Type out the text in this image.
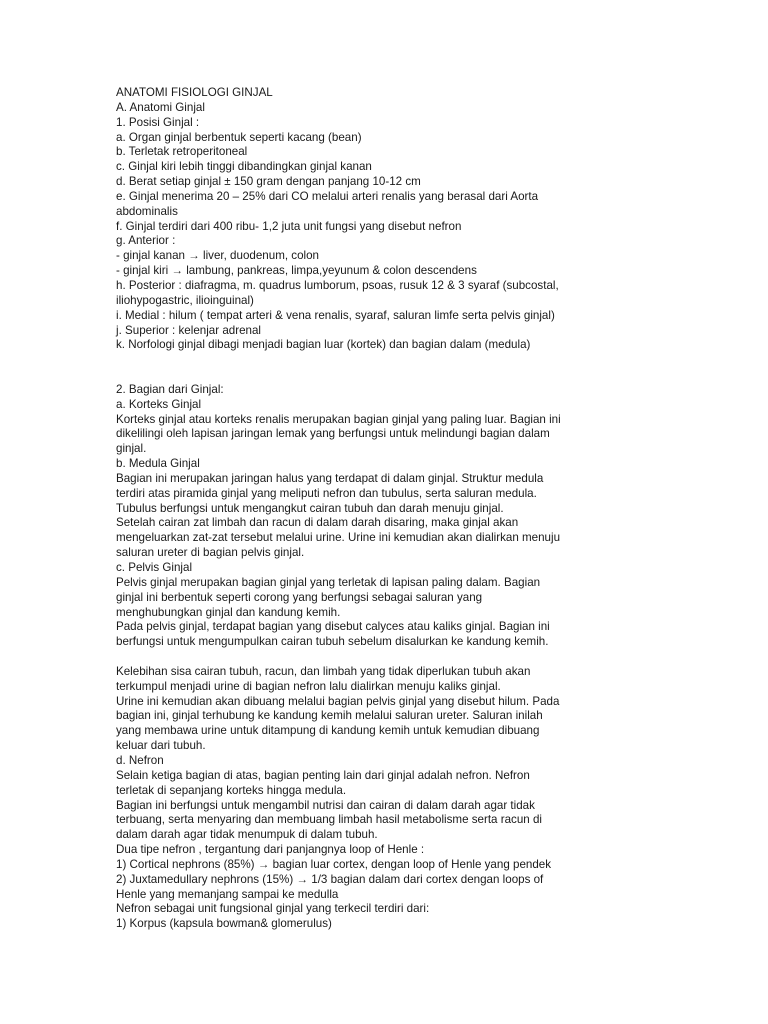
ANATOMI FISIOLOGI GINJAL
A. Anatomi Ginjal
1. Posisi Ginjal :
a. Organ ginjal berbentuk seperti kacang (bean)
b. Terletak retroperitoneal
c. Ginjal kiri lebih tinggi dibandingkan ginjal kanan
d. Berat setiap ginjal ± 150 gram dengan panjang 10-12 cm
e. Ginjal menerima 20 – 25% dari CO melalui arteri renalis yang berasal dari Aorta
abdominalis
f. Ginjal terdiri dari 400 ribu- 1,2 juta unit fungsi yang disebut nefron
g. Anterior :
- ginjal kanan → liver, duodenum, colon
- ginjal kiri → lambung, pankreas, limpa,yeyunum & colon descendens
h. Posterior : diafragma, m. quadrus lumborum, psoas, rusuk 12 & 3 syaraf (subcostal,
iliohypogastric, ilioinguinal)
i. Medial : hilum ( tempat arteri & vena renalis, syaraf, saluran limfe serta pelvis ginjal)
j. Superior : kelenjar adrenal
k. Norfologi ginjal dibagi menjadi bagian luar (kortek) dan bagian dalam (medula)
2. Bagian dari Ginjal:
a. Korteks Ginjal
Korteks ginjal atau korteks renalis merupakan bagian ginjal yang paling luar. Bagian ini
dikelilingi oleh lapisan jaringan lemak yang berfungsi untuk melindungi bagian dalam
ginjal.
b. Medula Ginjal
Bagian ini merupakan jaringan halus yang terdapat di dalam ginjal. Struktur medula
terdiri atas piramida ginjal yang meliputi nefron dan tubulus, serta saluran medula.
Tubulus berfungsi untuk mengangkut cairan tubuh dan darah menuju ginjal.
Setelah cairan zat limbah dan racun di dalam darah disaring, maka ginjal akan
mengeluarkan zat-zat tersebut melalui urine. Urine ini kemudian akan dialirkan menuju
saluran ureter di bagian pelvis ginjal.
c. Pelvis Ginjal
Pelvis ginjal merupakan bagian ginjal yang terletak di lapisan paling dalam. Bagian
ginjal ini berbentuk seperti corong yang berfungsi sebagai saluran yang
menghubungkan ginjal dan kandung kemih.
Pada pelvis ginjal, terdapat bagian yang disebut calyces atau kaliks ginjal. Bagian ini
berfungsi untuk mengumpulkan cairan tubuh sebelum disalurkan ke kandung kemih.
Kelebihan sisa cairan tubuh, racun, dan limbah yang tidak diperlukan tubuh akan
terkumpul menjadi urine di bagian nefron lalu dialirkan menuju kaliks ginjal.
Urine ini kemudian akan dibuang melalui bagian pelvis ginjal yang disebut hilum. Pada
bagian ini, ginjal terhubung ke kandung kemih melalui saluran ureter. Saluran inilah
yang membawa urine untuk ditampung di kandung kemih untuk kemudian dibuang
keluar dari tubuh.
d. Nefron
Selain ketiga bagian di atas, bagian penting lain dari ginjal adalah nefron. Nefron
terletak di sepanjang korteks hingga medula.
Bagian ini berfungsi untuk mengambil nutrisi dan cairan di dalam darah agar tidak
terbuang, serta menyaring dan membuang limbah hasil metabolisme serta racun di
dalam darah agar tidak menumpuk di dalam tubuh.
Dua tipe nefron , tergantung dari panjangnya loop of Henle :
1) Cortical nephrons (85%) → bagian luar cortex, dengan loop of Henle yang pendek
2) Juxtamedullary nephrons (15%) → 1/3 bagian dalam dari cortex dengan loops of
Henle yang memanjang sampai ke medulla
Nefron sebagai unit fungsional ginjal yang terkecil terdiri dari:
1) Korpus (kapsula bowman& glomerulus)
